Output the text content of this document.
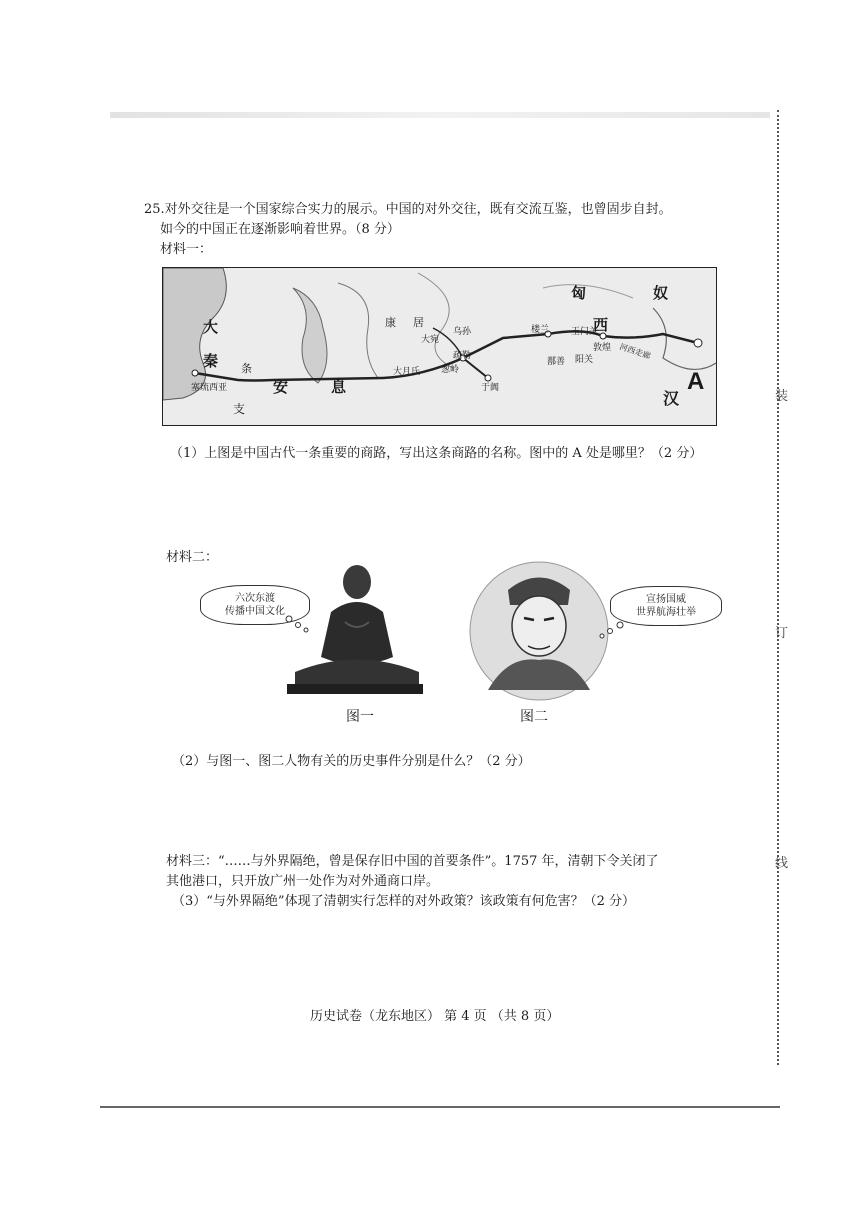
25.对外交往是一个国家综合实力的展示。中国的对外交往，既有交流互鉴，也曾固步自封。
如今的中国正在逐渐影响着世界。（8 分）
材料一：
大
秦 条
支
塞琉西亚	安	息
康 居
大宛
乌孙
大月氏
疏勒
葱岭
于阗
楼兰 玉门关
敦煌
阳关
鄯善
河西走廊
匈	奴
西
汉
A
（1）上图是中国古代一条重要的商路，写出这条商路的名称。图中的 A 处是哪里？（2 分）
材料二：
六次东渡
传播中国文化
图一
宣扬国威
世界航海壮举
图二
（2）与图一、图二人物有关的历史事件分别是什么？（2 分）
材料三：“……与外界隔绝，曾是保存旧中国的首要条件”。1757 年，清朝下令关闭了
其他港口，只开放广州一处作为对外通商口岸。
（3）“与外界隔绝”体现了清朝实行怎样的对外政策？该政策有何危害？（2 分）
历史试卷（龙东地区） 第 4 页 （共 8 页）
装
订
线
